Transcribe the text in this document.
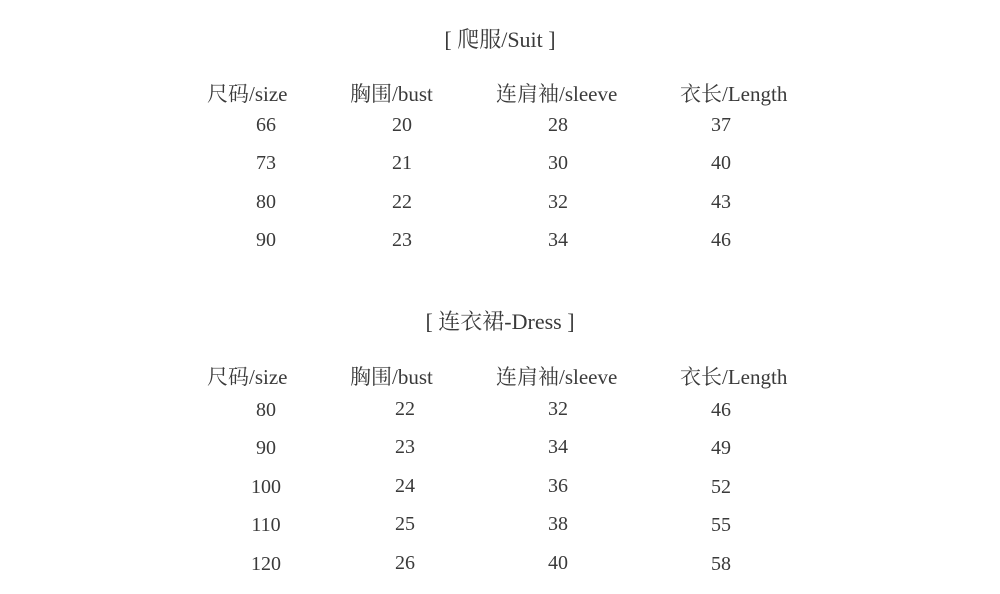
[ 爬服/Suit ]
尺码/size	胸围/bust	连肩袖/sleeve	衣长/Length
66	20	28	37
73	21	30	40
80	22	32	43
90	23	34	46
[ 连衣裙-Dress ]
尺码/size	胸围/bust	连肩袖/sleeve	衣长/Length
80	22	32	46
90	23	34	49
100	24	36	52
110	25	38	55
120	26	40	58
